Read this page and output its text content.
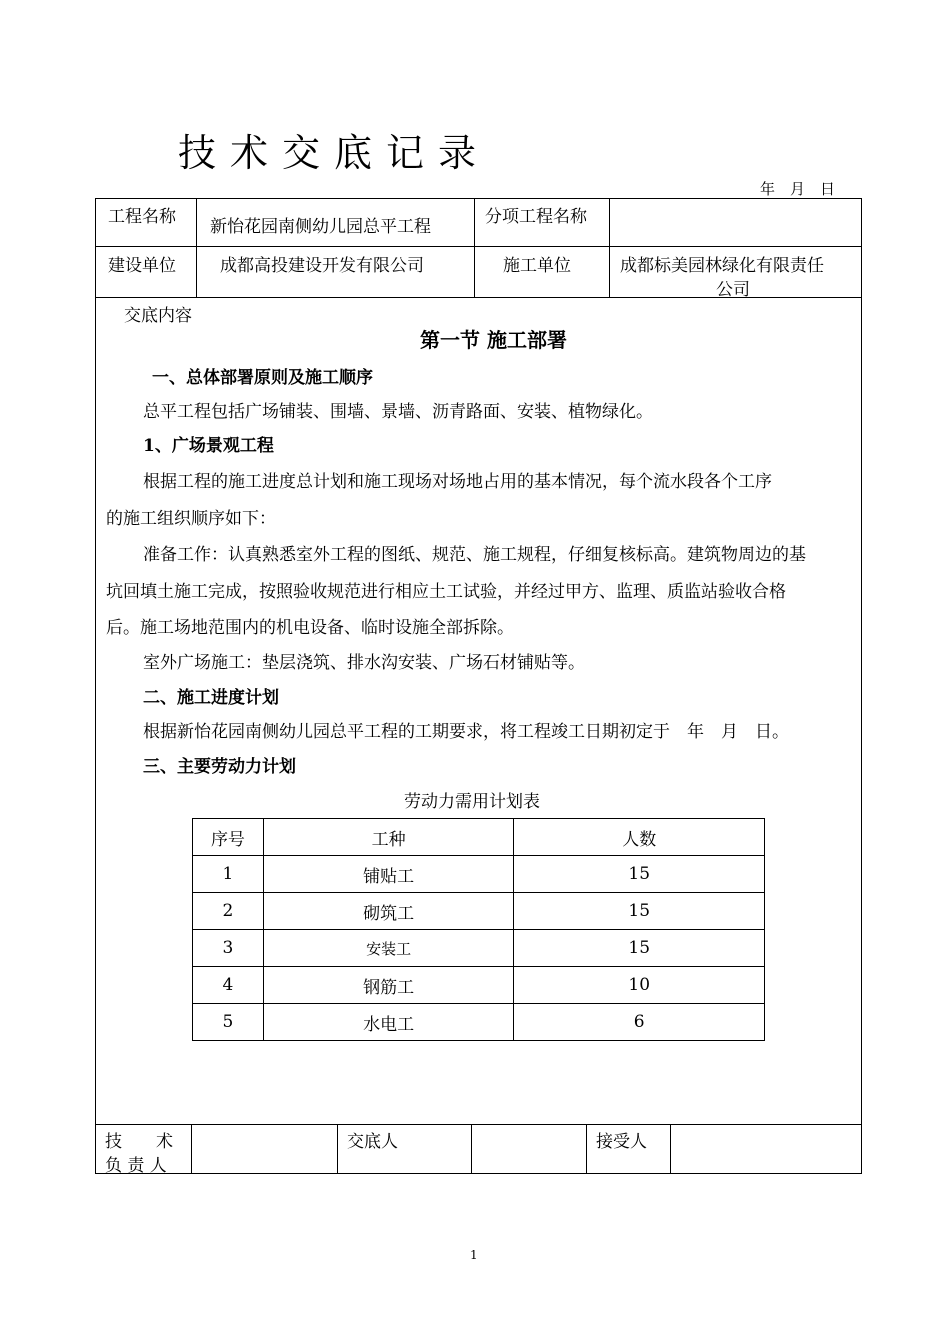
技术交底记录
年　月　日
工程名称 新怡花园南侧幼儿园总平工程	分项工程名称
建设单位	成都高投建设开发有限公司	施工单位	成都标美园林绿化有限责任
公司
交底内容
第一节 施工部署
一、总体部署原则及施工顺序
总平工程包括广场铺装、围墙、景墙、沥青路面、安装、植物绿化。
1、广场景观工程
根据工程的施工进度总计划和施工现场对场地占用的基本情况，每个流水段各个工序
的施工组织顺序如下：
准备工作：认真熟悉室外工程的图纸、规范、施工规程，仔细复核标高。建筑物周边的基
坑回填土施工完成，按照验收规范进行相应土工试验，并经过甲方、监理、质监站验收合格
后。施工场地范围内的机电设备、临时设施全部拆除。
室外广场施工：垫层浇筑、排水沟安装、广场石材铺贴等。
二、施工进度计划
根据新怡花园南侧幼儿园总平工程的工期要求，将工程竣工日期初定于　年　月　日。
三、主要劳动力计划
劳动力需用计划表
序号	工种	人数
1	铺贴工	15
2	砌筑工	15
3	安装工	15
4	钢筋工	10
5	水电工	6
技　　术
负 责 人
交底人	接受人
1
